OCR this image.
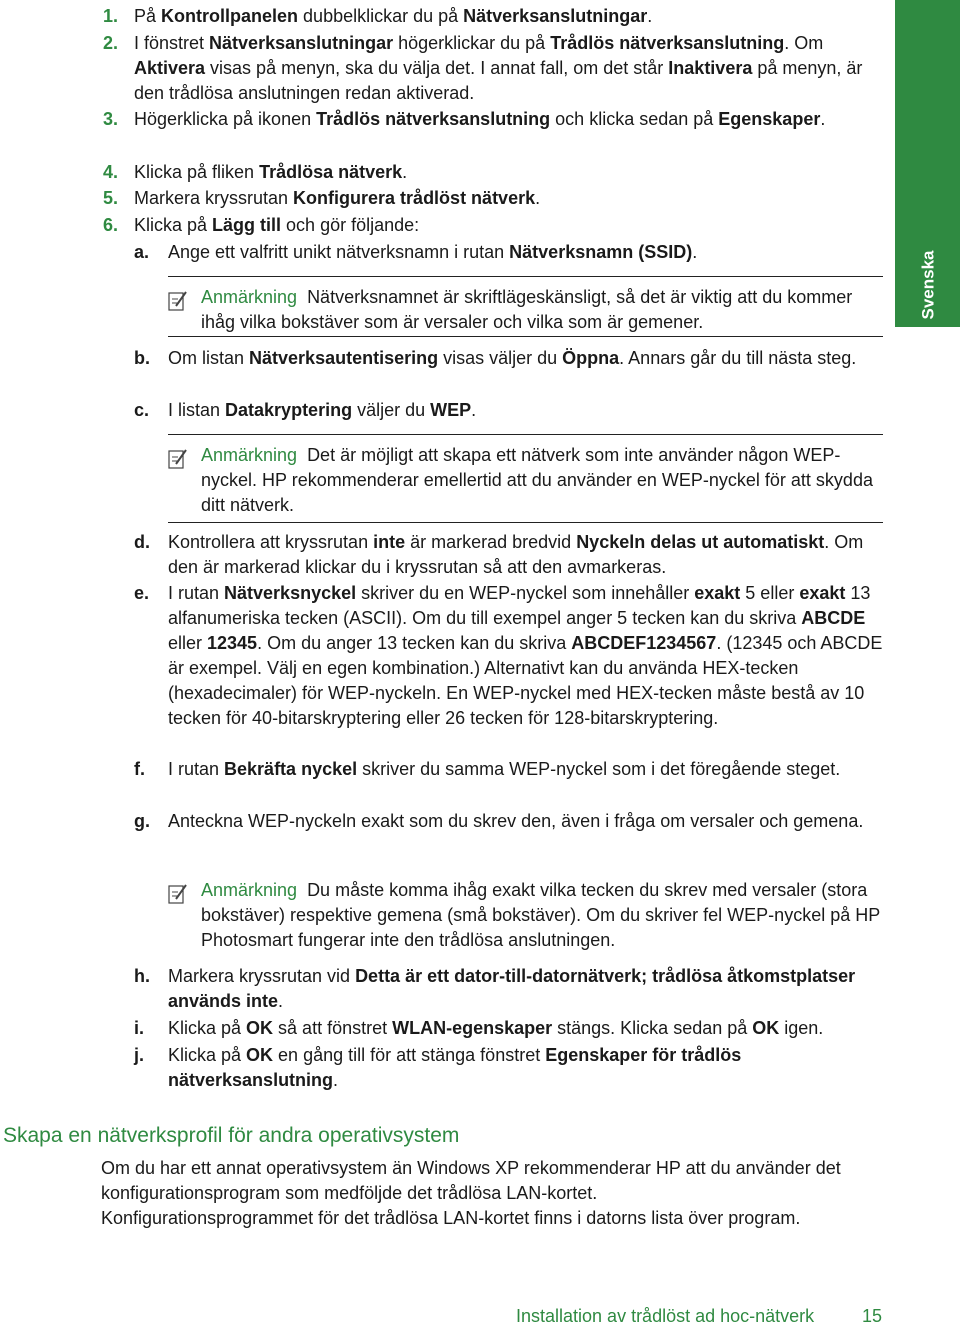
Svenska
1. På Kontrollpanelen dubbelklickar du på Nätverksanslutningar.
2. I fönstret Nätverksanslutningar högerklickar du på Trådlös nätverksanslutning. Om Aktivera visas på menyn, ska du välja det. I annat fall, om det står Inaktivera på menyn, är den trådlösa anslutningen redan aktiverad.
3. Högerklicka på ikonen Trådlös nätverksanslutning och klicka sedan på Egenskaper.
4. Klicka på fliken Trådlösa nätverk.
5. Markera kryssrutan Konfigurera trådlöst nätverk.
6. Klicka på Lägg till och gör följande:
a. Ange ett valfritt unikt nätverksnamn i rutan Nätverksnamn (SSID).
Anmärkning Nätverksnamnet är skriftlägeskänsligt, så det är viktig att du kommer ihåg vilka bokstäver som är versaler och vilka som är gemener.
b. Om listan Nätverksautentisering visas väljer du Öppna. Annars går du till nästa steg.
c. I listan Datakryptering väljer du WEP.
Anmärkning Det är möjligt att skapa ett nätverk som inte använder någon WEP-nyckel. HP rekommenderar emellertid att du använder en WEP-nyckel för att skydda ditt nätverk.
d. Kontrollera att kryssrutan inte är markerad bredvid Nyckeln delas ut automatiskt. Om den är markerad klickar du i kryssrutan så att den avmarkeras.
e. I rutan Nätverksnyckel skriver du en WEP-nyckel som innehåller exakt 5 eller exakt 13 alfanumeriska tecken (ASCII). Om du till exempel anger 5 tecken kan du skriva ABCDE eller 12345. Om du anger 13 tecken kan du skriva ABCDEF1234567. (12345 och ABCDE är exempel. Välj en egen kombination.) Alternativt kan du använda HEX-tecken (hexadecimaler) för WEP-nyckeln. En WEP-nyckel med HEX-tecken måste bestå av 10 tecken för 40-bitarskryptering eller 26 tecken för 128-bitarskryptering.
f. I rutan Bekräfta nyckel skriver du samma WEP-nyckel som i det föregående steget.
g. Anteckna WEP-nyckeln exakt som du skrev den, även i fråga om versaler och gemena.
Anmärkning Du måste komma ihåg exakt vilka tecken du skrev med versaler (stora bokstäver) respektive gemena (små bokstäver). Om du skriver fel WEP-nyckel på HP Photosmart fungerar inte den trådlösa anslutningen.
h. Markera kryssrutan vid Detta är ett dator-till-datornätverk; trådlösa åtkomstplatser används inte.
i. Klicka på OK så att fönstret WLAN-egenskaper stängs. Klicka sedan på OK igen.
j. Klicka på OK en gång till för att stänga fönstret Egenskaper för trådlös nätverksanslutning.
Skapa en nätverksprofil för andra operativsystem
Om du har ett annat operativsystem än Windows XP rekommenderar HP att du använder det konfigurationsprogram som medföljde det trådlösa LAN-kortet.
Konfigurationsprogrammet för det trådlösa LAN-kortet finns i datorns lista över program.
Installation av trådlöst ad hoc-nätverk	15
